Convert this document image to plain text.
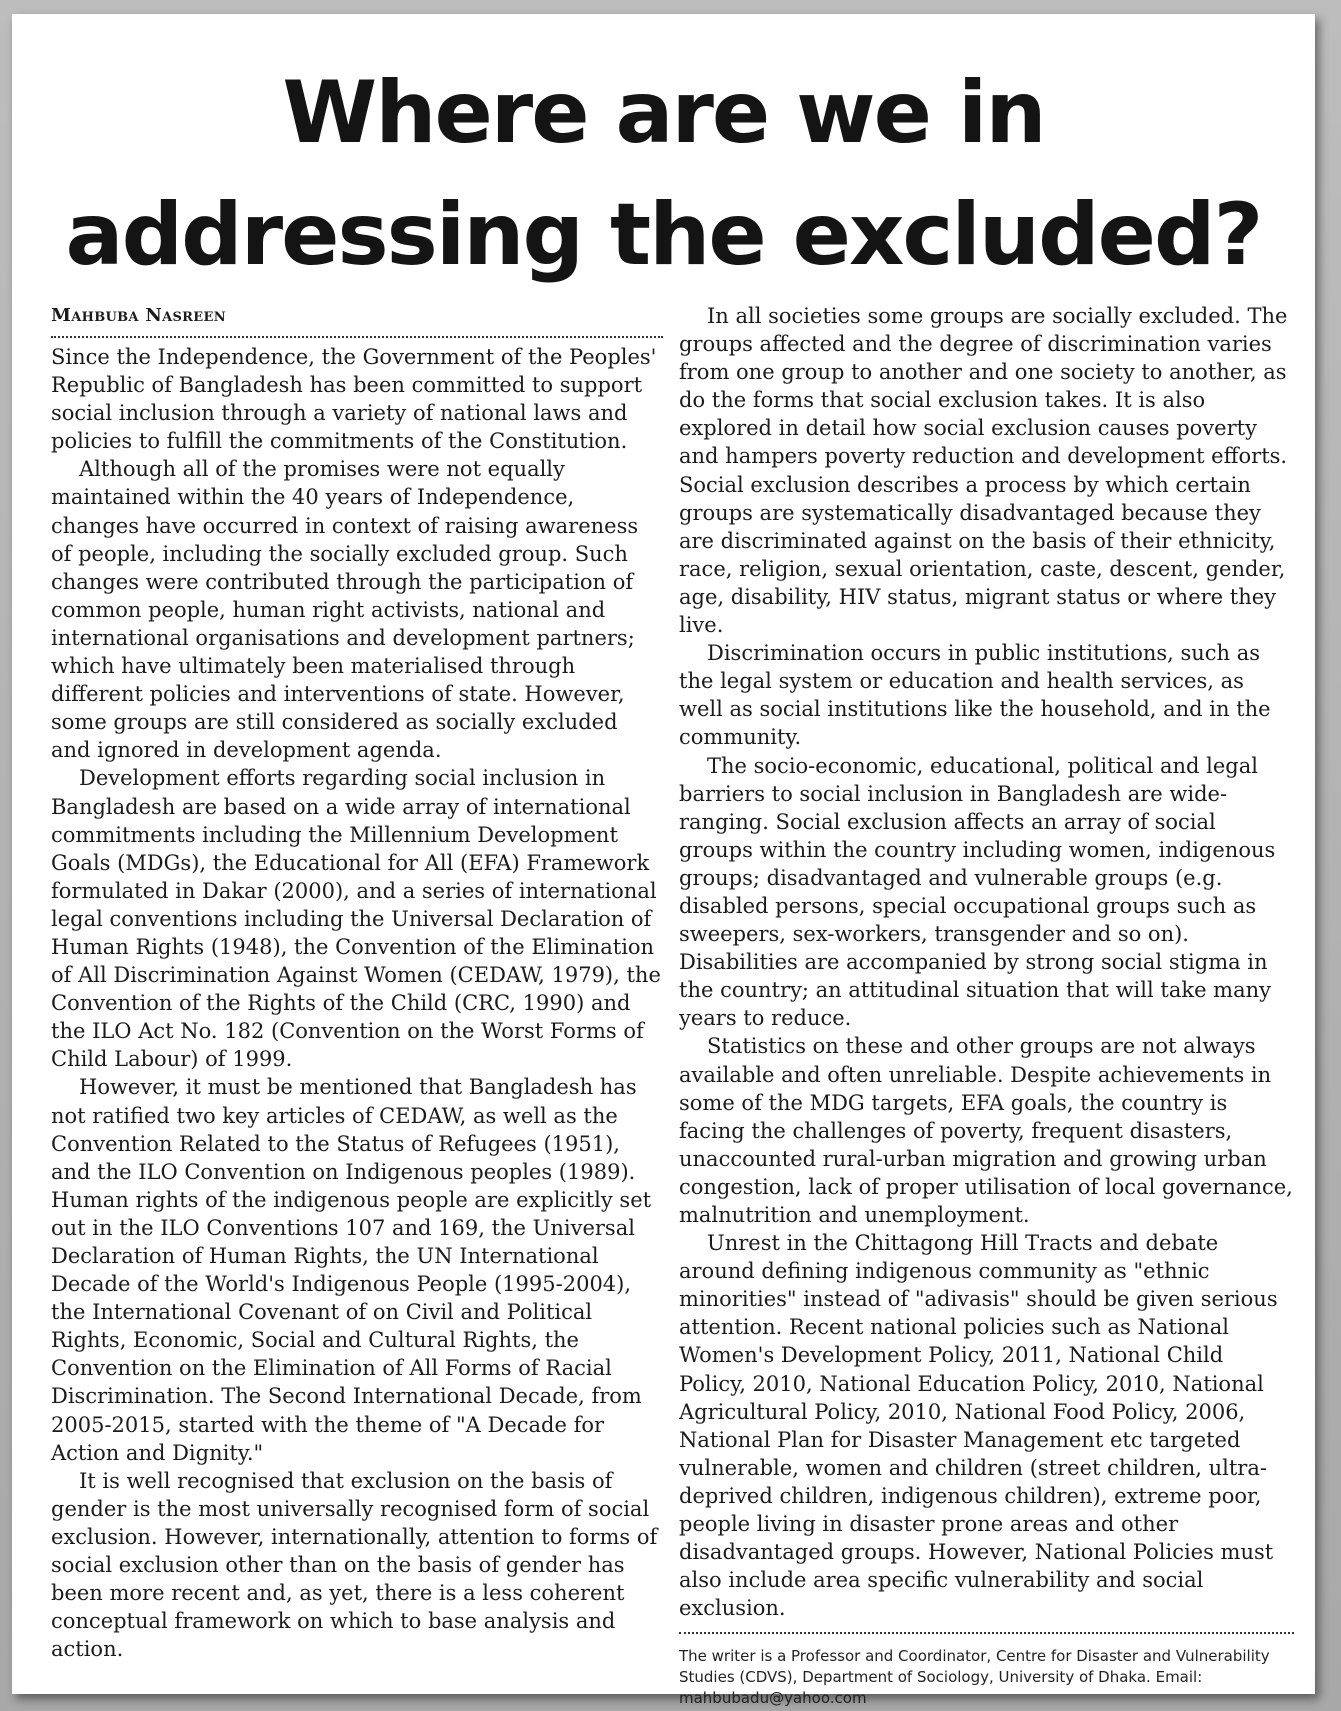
Where are we in
addressing the excluded?
Mahbuba Nasreen

Since the Independence, the Government of the Peoples' Republic of Bangladesh has been committed to support social inclusion through a variety of national laws and policies to fulfill the commitments of the Constitution.

Although all of the promises were not equally maintained within the 40 years of Independence, changes have occurred in context of raising awareness of people, including the socially excluded group. Such changes were contributed through the participation of common people, human right activists, national and international organisations and development partners; which have ultimately been materialised through different policies and interventions of state. However, some groups are still considered as socially excluded and ignored in development agenda.

Development efforts regarding social inclusion in Bangladesh are based on a wide array of international commitments including the Millennium Development Goals (MDGs), the Educational for All (EFA) Framework formulated in Dakar (2000), and a series of international legal conventions including the Universal Declaration of Human Rights (1948), the Convention of the Elimination of All Discrimination Against Women (CEDAW, 1979), the Convention of the Rights of the Child (CRC, 1990) and the ILO Act No. 182 (Convention on the Worst Forms of Child Labour) of 1999.

However, it must be mentioned that Bangladesh has not ratified two key articles of CEDAW, as well as the Convention Related to the Status of Refugees (1951), and the ILO Convention on Indigenous peoples (1989). Human rights of the indigenous people are explicitly set out in the ILO Conventions 107 and 169, the Universal Declaration of Human Rights, the UN International Decade of the World's Indigenous People (1995-2004), the International Covenant of on Civil and Political Rights, Economic, Social and Cultural Rights, the Convention on the Elimination of All Forms of Racial Discrimination. The Second International Decade, from 2005-2015, started with the theme of "A Decade for Action and Dignity."

It is well recognised that exclusion on the basis of gender is the most universally recognised form of social exclusion. However, internationally, attention to forms of social exclusion other than on the basis of gender has been more recent and, as yet, there is a less coherent conceptual framework on which to base analysis and action.

In all societies some groups are socially excluded. The groups affected and the degree of discrimination varies from one group to another and one society to another, as do the forms that social exclusion takes. It is also explored in detail how social exclusion causes poverty and hampers poverty reduction and development efforts. Social exclusion describes a process by which certain groups are systematically disadvantaged because they are discriminated against on the basis of their ethnicity, race, religion, sexual orientation, caste, descent, gender, age, disability, HIV status, migrant status or where they live.

Discrimination occurs in public institutions, such as the legal system or education and health services, as well as social institutions like the household, and in the community.

The socio-economic, educational, political and legal barriers to social inclusion in Bangladesh are wide-ranging. Social exclusion affects an array of social groups within the country including women, indigenous groups; disadvantaged and vulnerable groups (e.g. disabled persons, special occupational groups such as sweepers, sex-workers, transgender and so on). Disabilities are accompanied by strong social stigma in the country; an attitudinal situation that will take many years to reduce.

Statistics on these and other groups are not always available and often unreliable. Despite achievements in some of the MDG targets, EFA goals, the country is facing the challenges of poverty, frequent disasters, unaccounted rural-urban migration and growing urban congestion, lack of proper utilisation of local governance, malnutrition and unemployment.

Unrest in the Chittagong Hill Tracts and debate around defining indigenous community as "ethnic minorities" instead of "adivasis" should be given serious attention. Recent national policies such as National Women's Development Policy, 2011, National Child Policy, 2010, National Education Policy, 2010, National Agricultural Policy, 2010, National Food Policy, 2006, National Plan for Disaster Management etc targeted vulnerable, women and children (street children, ultra-deprived children, indigenous children), extreme poor, people living in disaster prone areas and other disadvantaged groups. However, National Policies must also include area specific vulnerability and social exclusion.

The writer is a Professor and Coordinator, Centre for Disaster and Vulnerability Studies (CDVS), Department of Sociology, University of Dhaka. Email: mahbubadu@yahoo.com
